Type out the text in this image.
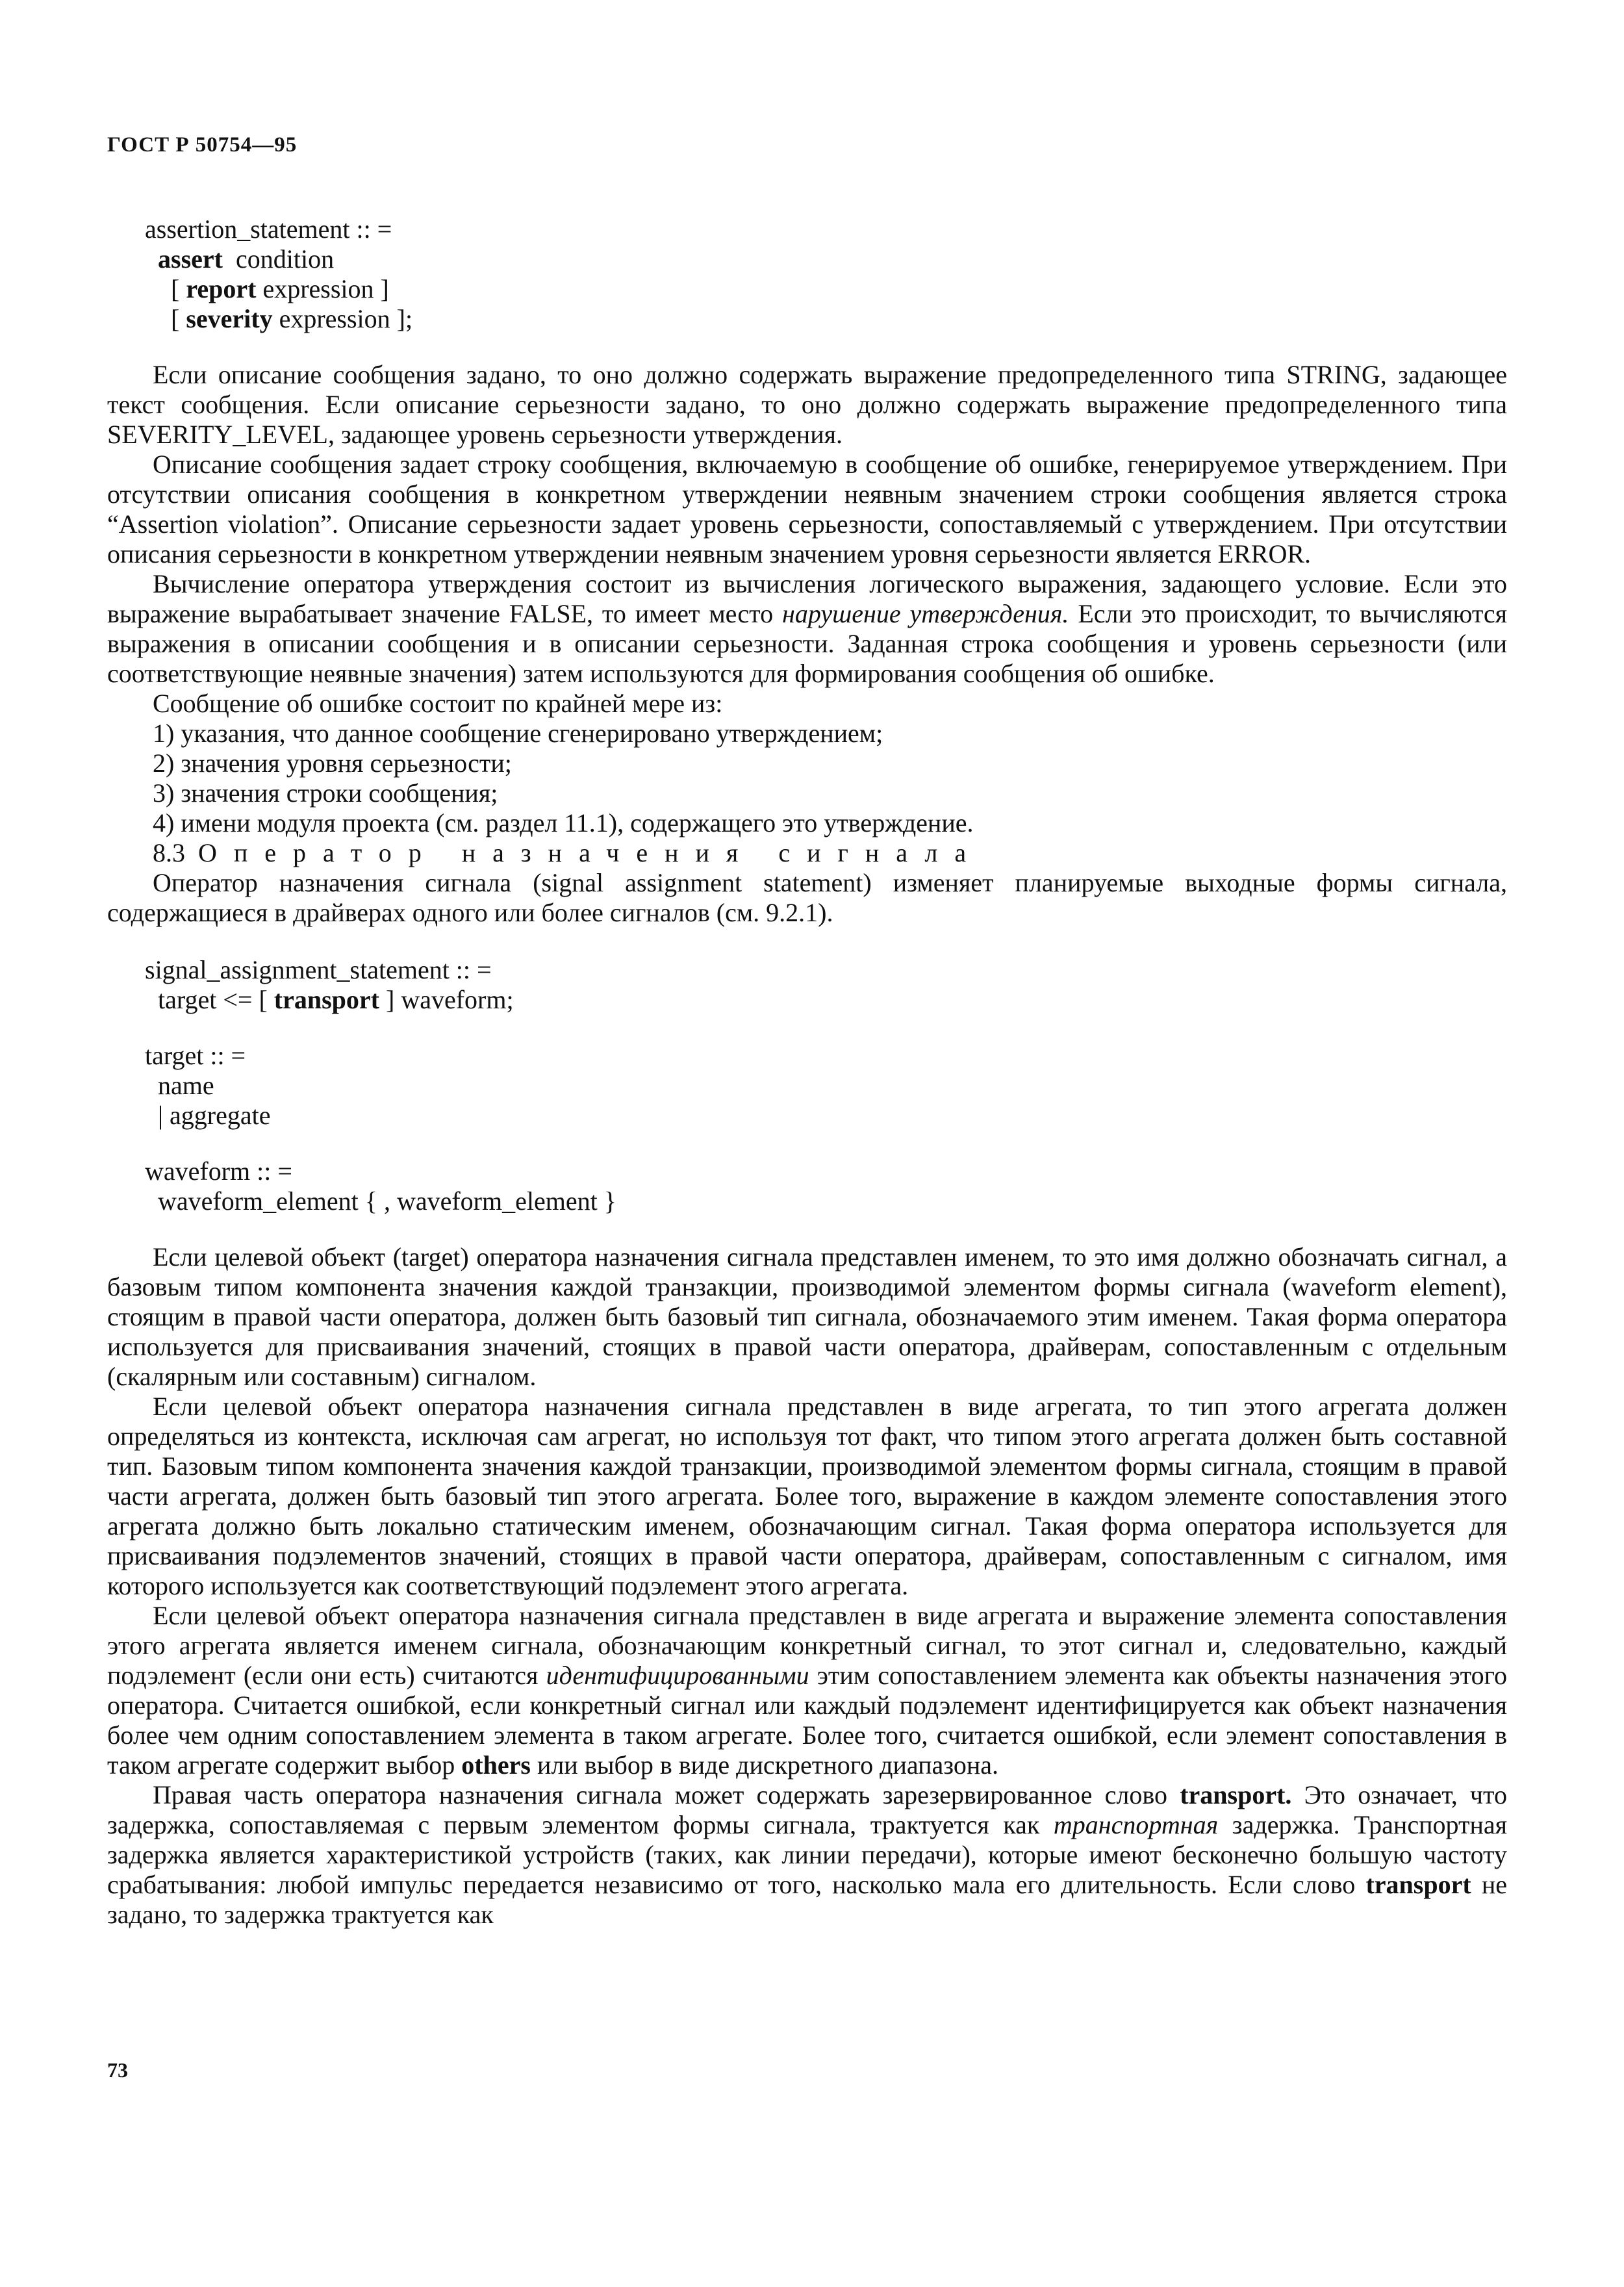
ГОСТ Р 50754—95
assertion_statement :: =
assert condition
[ report expression ]
[ severity expression ];

Если описание сообщения задано, то оно должно содержать выражение предопределенного типа STRING, задающее текст сообщения. Если описание серьезности задано, то оно должно содержать выражение предопределенного типа SEVERITY_LEVEL, задающее уровень серьезности утверждения.

Описание сообщения задает строку сообщения, включаемую в сообщение об ошибке, генерируемое утверждением. При отсутствии описания сообщения в конкретном утверждении неявным значением строки сообщения является строка “Assertion violation”. Описание серьезности задает уровень серьезности, сопоставляемый с утверждением. При отсутствии описания серьезности в конкретном утверждении неявным значением уровня серьезности является ERROR.

Вычисление оператора утверждения состоит из вычисления логического выражения, задающего условие. Если это выражение вырабатывает значение FALSE, то имеет место нарушение утверждения. Если это происходит, то вычисляются выражения в описании сообщения и в описании серьезности. Заданная строка сообщения и уровень серьезности (или соответствующие неявные значения) затем используются для формирования сообщения об ошибке.

Сообщение об ошибке состоит по крайней мере из:

1) указания, что данное сообщение сгенерировано утверждением;

2) значения уровня серьезности;

3) значения строки сообщения;

4) имени модуля проекта (см. раздел 11.1), содержащего это утверждение.

8.3 Оператор назначения сигнала

Оператор назначения сигнала (signal assignment statement) изменяет планируемые выходные формы сигнала, содержащиеся в драйверах одного или более сигналов (см. 9.2.1).

signal_assignment_statement :: =
target <= [ transport ] waveform;
target :: =
name
| aggregate
waveform :: =
waveform_element { , waveform_element }

Если целевой объект (target) оператора назначения сигнала представлен именем, то это имя должно обозначать сигнал, а базовым типом компонента значения каждой транзакции, производимой элементом формы сигнала (waveform element), стоящим в правой части оператора, должен быть базовый тип сигнала, обозначаемого этим именем. Такая форма оператора используется для присваивания значений, стоящих в правой части оператора, драйверам, сопоставленным с отдельным (скалярным или составным) сигналом.

Если целевой объект оператора назначения сигнала представлен в виде агрегата, то тип этого агрегата должен определяться из контекста, исключая сам агрегат, но используя тот факт, что типом этого агрегата должен быть составной тип. Базовым типом компонента значения каждой транзакции, производимой элементом формы сигнала, стоящим в правой части агрегата, должен быть базовый тип этого агрегата. Более того, выражение в каждом элементе сопоставления этого агрегата должно быть локально статическим именем, обозначающим сигнал. Такая форма оператора используется для присваивания подэлементов значений, стоящих в правой части оператора, драйверам, сопоставленным с сигналом, имя которого используется как соответствующий подэлемент этого агрегата.

Если целевой объект оператора назначения сигнала представлен в виде агрегата и выражение элемента сопоставления этого агрегата является именем сигнала, обозначающим конкретный сигнал, то этот сигнал и, следовательно, каждый подэлемент (если они есть) считаются идентифицированными этим сопоставлением элемента как объекты назначения этого оператора. Считается ошибкой, если конкретный сигнал или каждый подэлемент идентифицируется как объект назначения более чем одним сопоставлением элемента в таком агрегате. Более того, считается ошибкой, если элемент сопоставления в таком агрегате содержит выбор others или выбор в виде дискретного диапазона.

Правая часть оператора назначения сигнала может содержать зарезервированное слово transport. Это означает, что задержка, сопоставляемая с первым элементом формы сигнала, трактуется как транспортная задержка. Транспортная задержка является характеристикой устройств (таких, как линии передачи), которые имеют бесконечно большую частоту срабатывания: любой импульс передается независимо от того, насколько мала его длительность. Если слово transport не задано, то задержка трактуется как

73
